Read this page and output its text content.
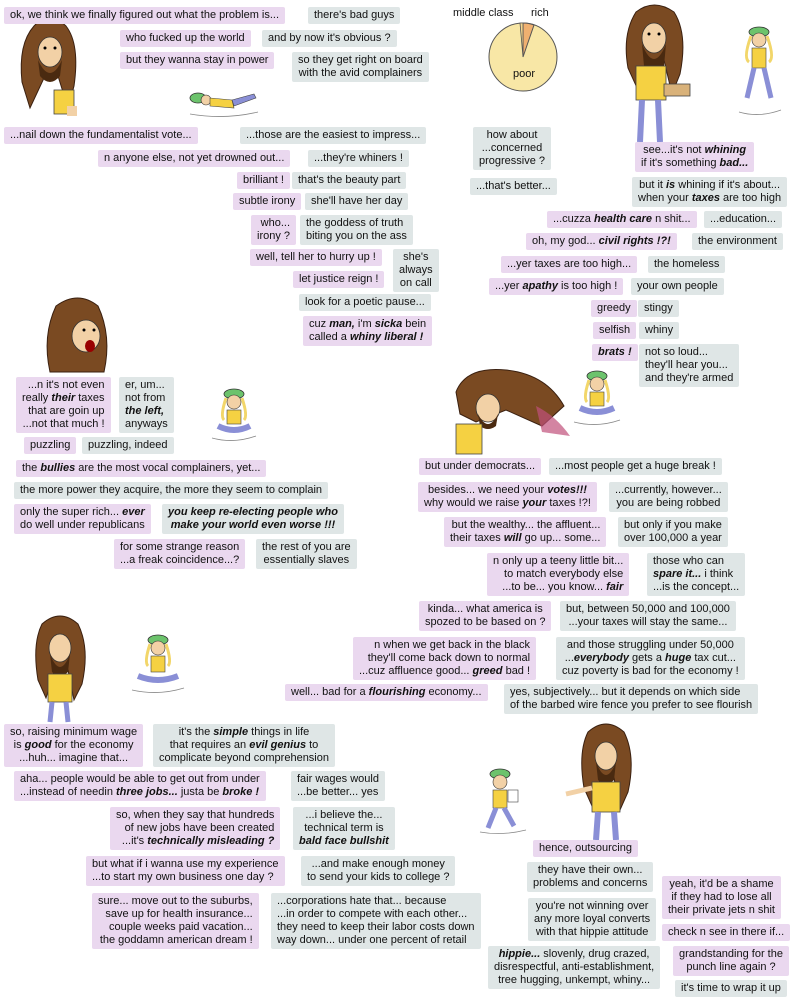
middle class rich
poor
ok, we think we finally figured out what the problem is...	there's bad guys
who fucked up the world	and by now it's obvious ?
but they wanna stay in power	so they get right on board
with the avid complainers
...nail down the fundamentalist vote...	...those are the easiest to impress...
n anyone else, not yet drowned out...	...they're whiners !
brilliant !	that's the beauty part
subtle irony	she'll have her day
who...
irony ?
the goddess of truth
biting you on the ass
well, tell her to hurry up !	she's
always
on call
let justice reign !
look for a poetic pause...
cuz man, i'm sicka bein
called a whiny liberal !
how about
...concerned
progressive ?
...that's better...
see...it's not whining
if it's something bad...
but it is whining if it's about...
when your taxes are too high
...cuzza health care n shit...	...education...
oh, my god... civil rights !?!	the environment
...yer taxes are too high...	the homeless
...yer apathy is too high !	your own people
greedy	stingy
selfish	whiny
brats !	not so loud...
they'll hear you...
and they're armed
...n it's not even
really their taxes
that are goin up
...not that much !
er, um...
not from
the left,
anyways
puzzling	puzzling, indeed
the bullies are the most vocal complainers, yet...
the more power they acquire, the more they seem to complain
only the super rich... ever
do well under republicans
you keep re-electing people who
make your world even worse !!!
for some strange reason
...a freak coincidence...?
the rest of you are
essentially slaves
but under democrats...	...most people get a huge break !
besides... we need your votes!!!
why would we raise your taxes !?!
...currently, however...
you are being robbed
but the wealthy... the affluent...
their taxes will go up... some...
but only if you make
over 100,000 a year
n only up a teeny little bit...
to match everybody else
...to be... you know... fair
those who can
spare it... i think
...is the concept...
kinda... what america is
spozed to be based on ?
but, between 50,000 and 100,000
...your taxes will stay the same...
n when we get back in the black
they'll come back down to normal
...cuz affluence good... greed bad !
and those struggling under 50,000
...everybody gets a huge tax cut...
cuz poverty is bad for the economy !
well... bad for a flourishing economy...	yes, subjectively... but it depends on which side
of the barbed wire fence you prefer to see flourish
so, raising minimum wage
is good for the economy
...huh... imagine that...
it's the simple things in life
that requires an evil genius to
complicate beyond comprehension
aha... people would be able to get out from under
...instead of needin three jobs... justa be broke !
fair wages would
...be better... yes
so, when they say that hundreds
of new jobs have been created
...it's technically misleading ?
...i believe the...
technical term is
bald face bullshit
but what if i wanna use my experience
...to start my own business one day ?
...and make enough money
to send your kids to college ?
sure... move out to the suburbs,
save up for health insurance...
couple weeks paid vacation...
the goddamn american dream !
...corporations hate that... because
...in order to compete with each other...
they need to keep their labor costs down
way down... under one percent of retail
hence, outsourcing
they have their own...
problems and concerns	yeah, it'd be a shame
if they had to lose all
their private jets n shit
you're not winning over
any more loyal converts
with that hippie attitude	check n see in there if...
hippie... slovenly, drug crazed,
disrespectful, anti-establishment,
tree hugging, unkempt, whiny...
grandstanding for the
punch line again ?
it's time to wrap it up
